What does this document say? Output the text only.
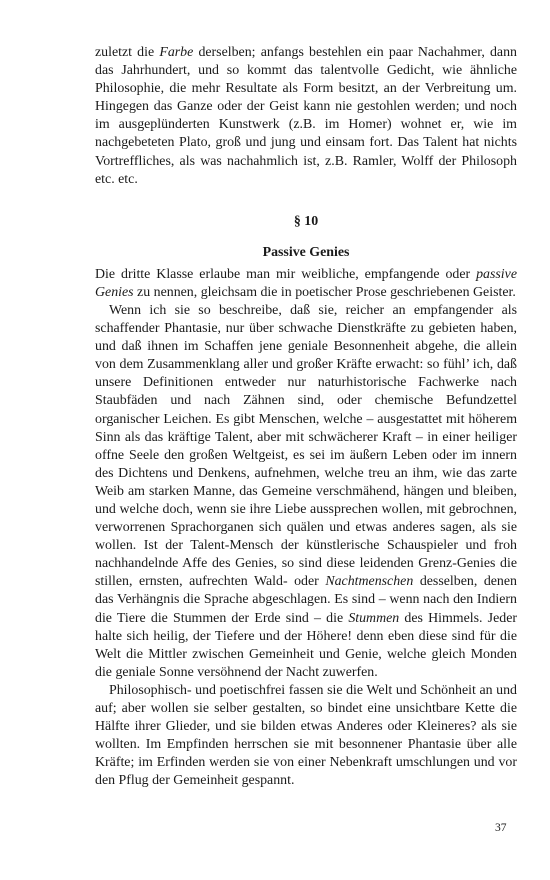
zuletzt die Farbe derselben; anfangs bestehlen ein paar Nachahmer, dann das Jahrhundert, und so kommt das talentvolle Gedicht, wie ähnliche Philosophie, die mehr Resultate als Form besitzt, an der Verbreitung um. Hingegen das Ganze oder der Geist kann nie gestohlen werden; und noch im ausgeplünderten Kunstwerk (z.B. im Homer) wohnet er, wie im nachgebeteten Plato, groß und jung und einsam fort. Das Talent hat nichts Vortreffliches, als was nachahmlich ist, z.B. Ramler, Wolff der Philosoph etc. etc.

§ 10
Passive Genies

Die dritte Klasse erlaube man mir weibliche, empfangende oder passive Genies zu nennen, gleichsam die in poetischer Prose geschriebenen Geister.

Wenn ich sie so beschreibe, daß sie, reicher an empfangender als schaffender Phantasie, nur über schwache Dienstkräfte zu gebieten haben, und daß ihnen im Schaffen jene geniale Besonnenheit abgehe, die allein von dem Zusammenklang aller und großer Kräfte erwacht: so fühl’ ich, daß unsere Definitionen entweder nur naturhistorische Fachwerke nach Staubfäden und nach Zähnen sind, oder chemische Befundzettel organischer Leichen. Es gibt Menschen, welche – ausgestattet mit höherem Sinn als das kräftige Talent, aber mit schwächerer Kraft – in einer heiliger offne Seele den großen Weltgeist, es sei im äußern Leben oder im innern des Dichtens und Denkens, aufnehmen, welche treu an ihm, wie das zarte Weib am starken Manne, das Gemeine verschmähend, hängen und bleiben, und welche doch, wenn sie ihre Liebe aussprechen wollen, mit gebrochnen, verworrenen Sprachorganen sich quälen und etwas anderes sagen, als sie wollen. Ist der Talent-Mensch der künstlerische Schauspieler und froh nachhandelnde Affe des Genies, so sind diese leidenden Grenz-Genies die stillen, ernsten, aufrechten Wald- oder Nachtmenschen desselben, denen das Verhängnis die Sprache abgeschlagen. Es sind – wenn nach den Indiern die Tiere die Stummen der Erde sind – die Stummen des Himmels. Jeder halte sich heilig, der Tiefere und der Höhere! denn eben diese sind für die Welt die Mittler zwischen Gemeinheit und Genie, welche gleich Monden die geniale Sonne versöhnend der Nacht zuwerfen.

Philosophisch- und poetischfrei fassen sie die Welt und Schönheit an und auf; aber wollen sie selber gestalten, so bindet eine unsichtbare Kette die Hälfte ihrer Glieder, und sie bilden etwas Anderes oder Kleineres? als sie wollten. Im Empfinden herrschen sie mit besonnener Phantasie über alle Kräfte; im Erfinden werden sie von einer Nebenkraft umschlungen und vor den Pflug der Gemeinheit gespannt.

37
